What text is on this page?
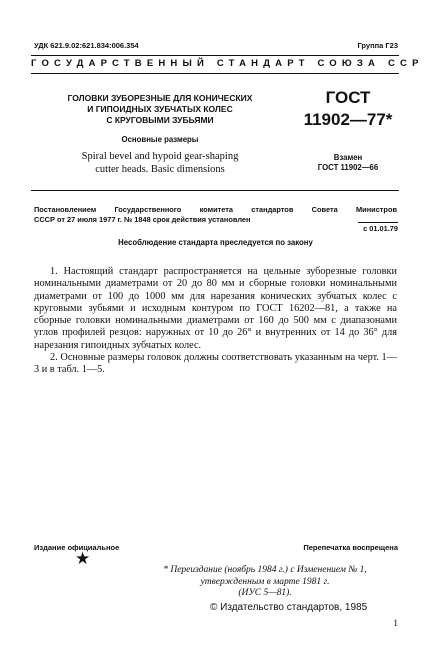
УДК 621.9.02:621.834:006.354	Группа Г23
ГОСУДАРСТВЕННЫЙ СТАНДАРТ СОЮЗА ССР
ГОЛОВКИ ЗУБОРЕЗНЫЕ ДЛЯ КОНИЧЕСКИХ
И ГИПОИДНЫХ ЗУБЧАТЫХ КОЛЕС
С КРУГОВЫМИ ЗУБЬЯМИ
ГОСТ
11902—77*
Основные размеры
Spiral bevel and hypoid gear-shaping
cutter heads. Basic dimensions
Взамен
ГОСТ 11902—66
Постановлением Государственного комитета стандартов Совета Министров
СССР от 27 июля 1977 г. № 1848 срок действия установлен
с 01.01.79
Несоблюдение стандарта преследуется по закону

1. Настоящий стандарт распространяется на цельные зуборезные головки номинальными диаметрами от 20 до 80 мм и сборные головки номинальными диаметрами от 100 до 1000 мм для нарезания конических зубчатых колес с круговыми зубьями и исходным контуром по ГОСТ 16202—81, а также на сборные головки номинальными диаметрами от 160 до 500 мм с диапазонами углов профилей резцов: наружных от 10 до 26° и внутренних от 14 до 36° для нарезания гипоидных зубчатых колес.

2. Основные размеры головок должны соответствовать указанным на черт. 1—3 и в табл. 1—5.

Издание официальное	Перепечатка воспрещена
★
* Переиздание (ноябрь 1984 г.) с Изменением № 1,
утвержденным в марте 1981 г.
(ИУС 5—81).
© Издательство стандартов, 1985
1
